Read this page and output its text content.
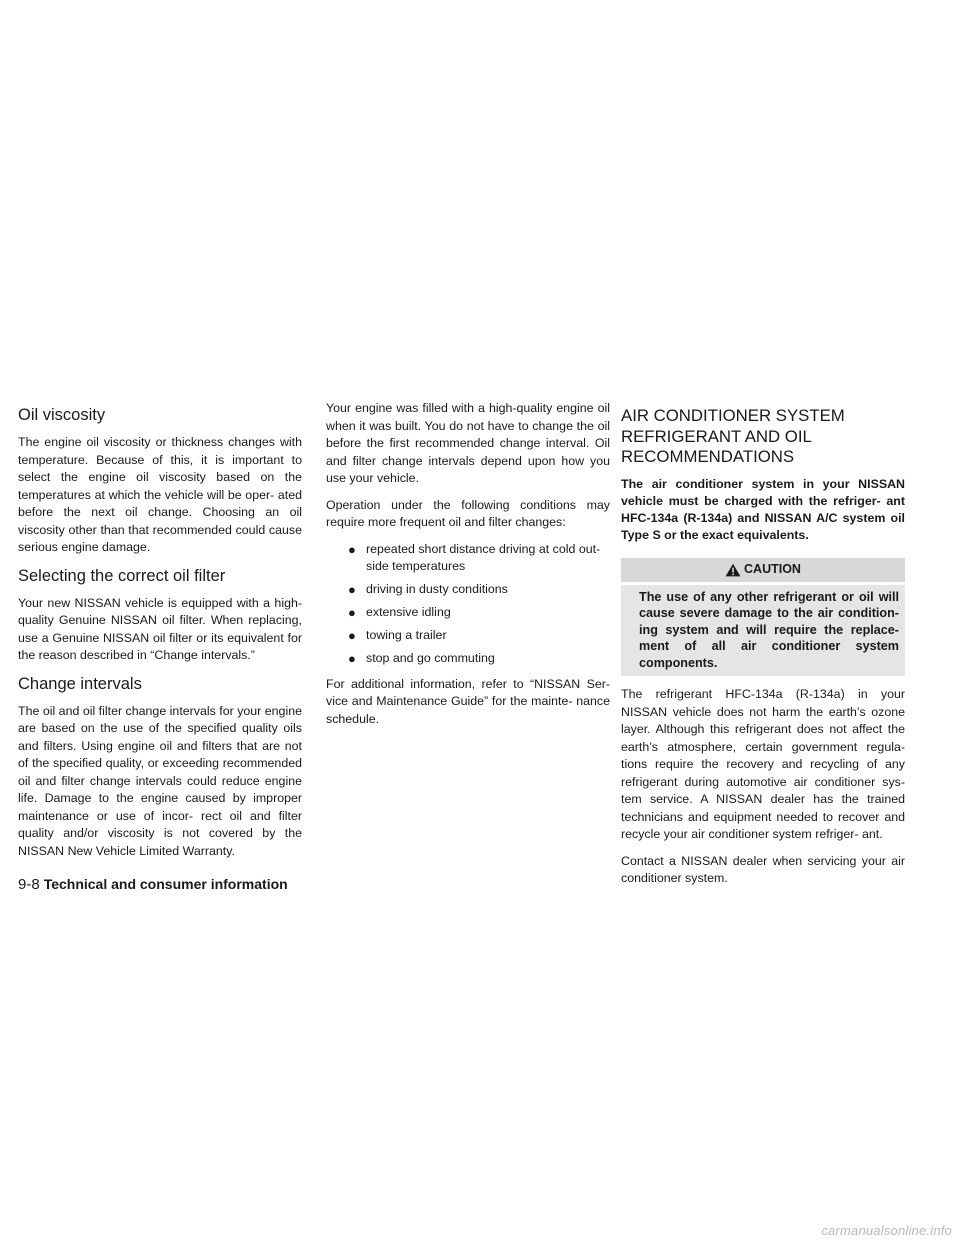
Oil viscosity

The engine oil viscosity or thickness changes with temperature. Because of this, it is important to select the engine oil viscosity based on the temperatures at which the vehicle will be oper- ated before the next oil change. Choosing an oil viscosity other than that recommended could cause serious engine damage.

Selecting the correct oil filter

Your new NISSAN vehicle is equipped with a high-quality Genuine NISSAN oil filter. When replacing, use a Genuine NISSAN oil filter or its equivalent for the reason described in “Change intervals.”

Change intervals

The oil and oil filter change intervals for your engine are based on the use of the specified quality oils and filters. Using engine oil and filters that are not of the specified quality, or exceeding recommended oil and filter change intervals could reduce engine life. Damage to the engine caused by improper maintenance or use of incor- rect oil and filter quality and/or viscosity is not covered by the NISSAN New Vehicle Limited Warranty.

Your engine was filled with a high-quality engine oil when it was built. You do not have to change the oil before the first recommended change interval. Oil and filter change intervals depend upon how you use your vehicle.

Operation under the following conditions may require more frequent oil and filter changes:

● repeated short distance driving at cold out- side temperatures
● driving in dusty conditions
● extensive idling
● towing a trailer
● stop and go commuting

For additional information, refer to “NISSAN Ser- vice and Maintenance Guide” for the mainte- nance schedule.

AIR CONDITIONER SYSTEM REFRIGERANT AND OIL RECOMMENDATIONS

The air conditioner system in your NISSAN vehicle must be charged with the refriger- ant HFC-134a (R-134a) and NISSAN A/C system oil Type S or the exact equivalents.

CAUTION
The use of any other refrigerant or oil will cause severe damage to the air condition- ing system and will require the replace- ment of all air conditioner system components.

The refrigerant HFC-134a (R-134a) in your NISSAN vehicle does not harm the earth’s ozone layer. Although this refrigerant does not affect the earth’s atmosphere, certain government regula- tions require the recovery and recycling of any refrigerant during automotive air conditioner sys- tem service. A NISSAN dealer has the trained technicians and equipment needed to recover and recycle your air conditioner system refriger- ant.

Contact a NISSAN dealer when servicing your air conditioner system.

9-8 Technical and consumer information
carmanualsonline.info
